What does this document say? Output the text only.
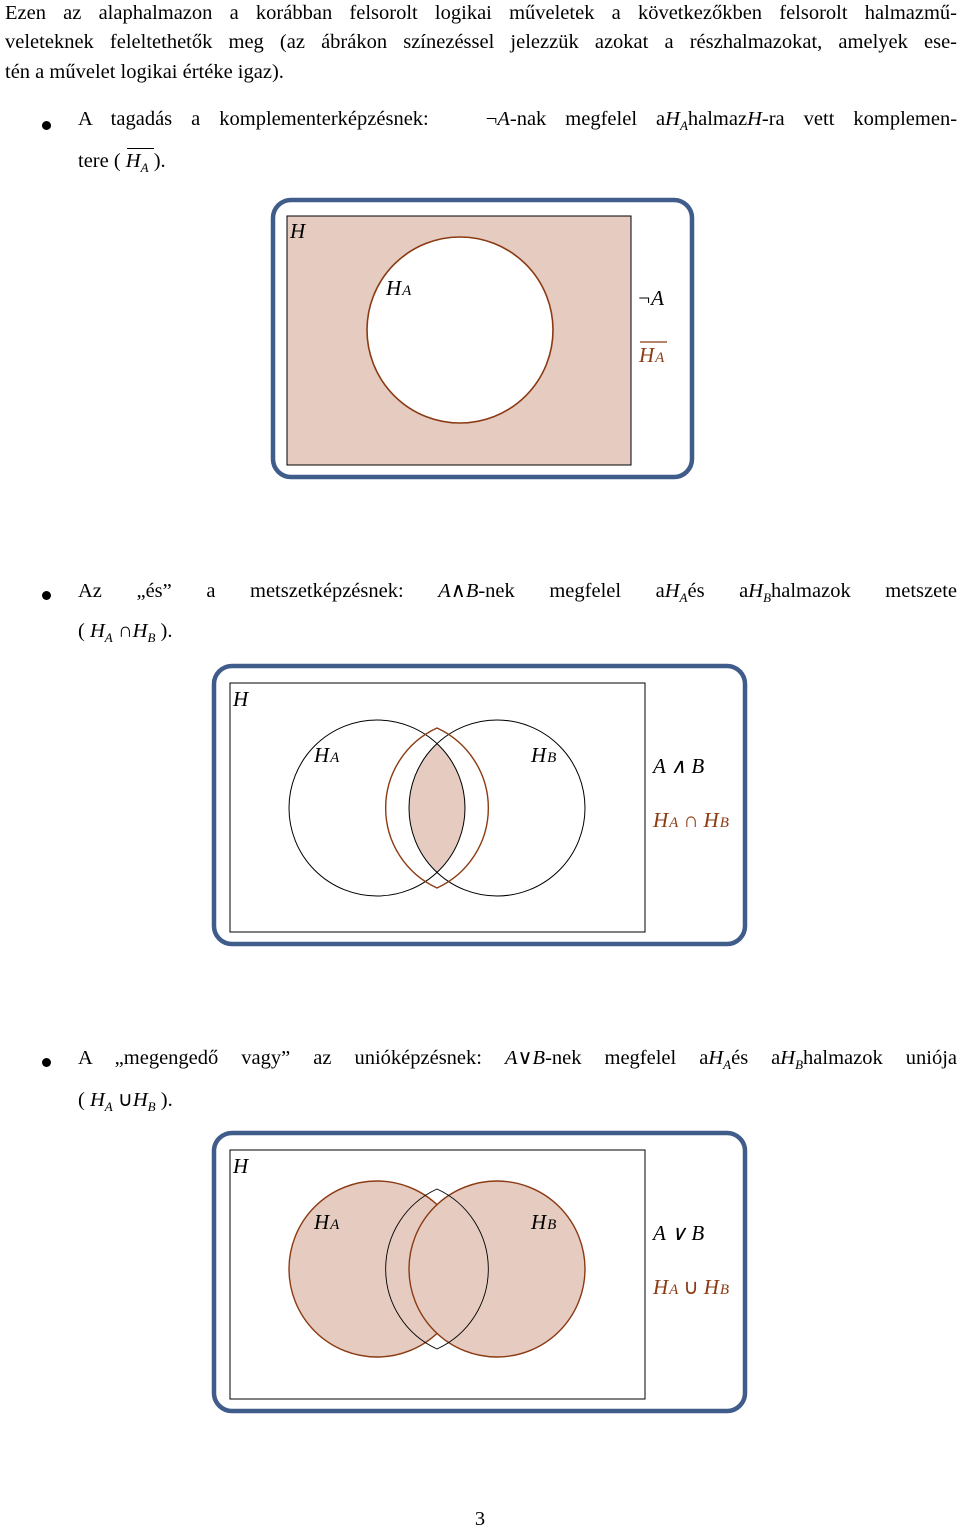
Ezen az alaphalmazon a korábban felsorolt logikai műveletek a következőkben felsorolt halmazmű-
veleteknek feleltethetők meg (az ábrákon színezéssel jelezzük azokat a részhalmazokat, amelyek ese-
tén a művelet logikai értéke igaz).
A tagadás a komplementerképzésnek:	¬A-nak megfelel $aH_AhalmazH-ra$ vett komplemen-
tere ( $H_A$ ).
Az „és” a metszetképzésnek: A∧B-nek megfelel $aH_Aés$ $aH_Bhalmazok$ metszete
( $H_A$ $\cap H_B$ ).
A „megengedő vagy” az unióképzésnek: A∨B-nek megfelel $aH_Aés$ $aH_Bhalmazok$ uniója
( $H_A$ $\cup H_B$ ).
H
HA	¬A
HA
H
HA	HB	A ∧ B
HA ∩ HB
H
HA	HB	A ∨ B
HA ∪ HB
3
